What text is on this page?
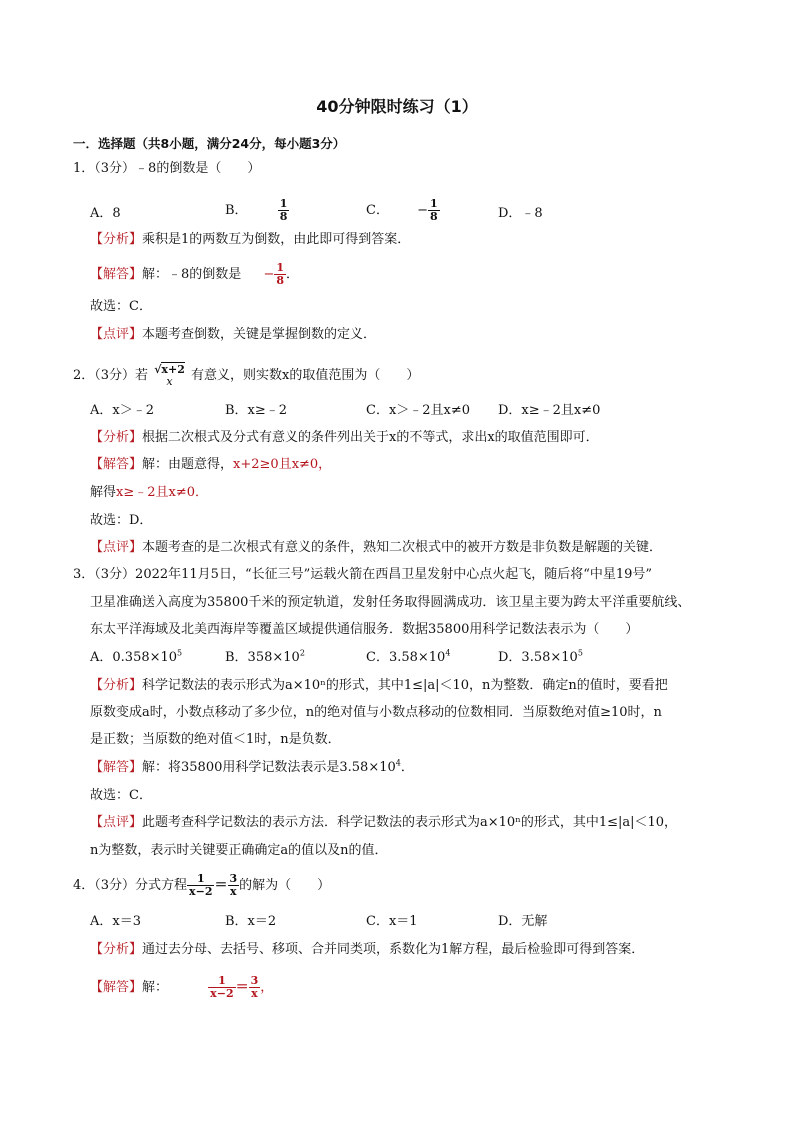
40分钟限时练习（1）
一．选择题（共8小题，满分24分，每小题3分）
1．（3分）﹣8的倒数是（　　）
A．8	B．	$\frac{1}{8}$	C． − $\frac{1}{8}$	D．﹣8
【分析】乘积是1的两数互为倒数，由此即可得到答案．
【解答】解：﹣8的倒数是 − $\frac{1}{8}$ ．
故选：C．
【点评】本题考查倒数，关键是掌握倒数的定义．
2．（3分）若 √x+2
x 有意义，则实数x的取值范围为（　　）
A．x＞﹣2	B．x≥﹣2	C．x＞﹣2且x≠0 D．x≥﹣2且x≠0
【分析】根据二次根式及分式有意义的条件列出关于x的不等式，求出x的取值范围即可．
【解答】解：由题意得，x+2≥0且x≠0，
解得x≥﹣2且x≠0．
故选：D．
【点评】本题考查的是二次根式有意义的条件，熟知二次根式中的被开方数是非负数是解题的关键．
3．（3分）2022年11月5日，“长征三号”运载火箭在西昌卫星发射中心点火起飞，随后将“中星19号”
卫星准确送入高度为35800千米的预定轨道，发射任务取得圆满成功．该卫星主要为跨太平洋重要航线、
东太平洋海域及北美西海岸等覆盖区域提供通信服务．数据35800用科学记数法表示为（　　）
A．$0.358\times 10^5$	B．$358\times 10^2$	C．$3.58\times 10^4$	D．$3.58\times 10^5$
【分析】科学记数法的表示形式为a×10ⁿ的形式，其中1≤|a|＜10，n为整数．确定n的值时，要看把
原数变成a时，小数点移动了多少位，n的绝对值与小数点移动的位数相同．当原数绝对值≥10时，n
是正数；当原数的绝对值＜1时，n是负数．
【解答】解：将35800用科学记数法表示是$3.58\times 10^4$．
故选：C．
【点评】此题考查科学记数法的表示方法．科学记数法的表示形式为a×10ⁿ的形式，其中1≤|a|＜10，
n为整数，表示时关键要正确确定a的值以及n的值．
4．（3分）分式方程 $\frac{1}{x-2} = \frac{3}{x}$ 的解为（　　）
A．x＝3	B．x＝2	C．x＝1	D．无解
【分析】通过去分母、去括号、移项、合并同类项，系数化为1解方程，最后检验即可得到答案．
【解答】解：	$\frac{1}{x-2} = \frac{3}{x}$ ，
